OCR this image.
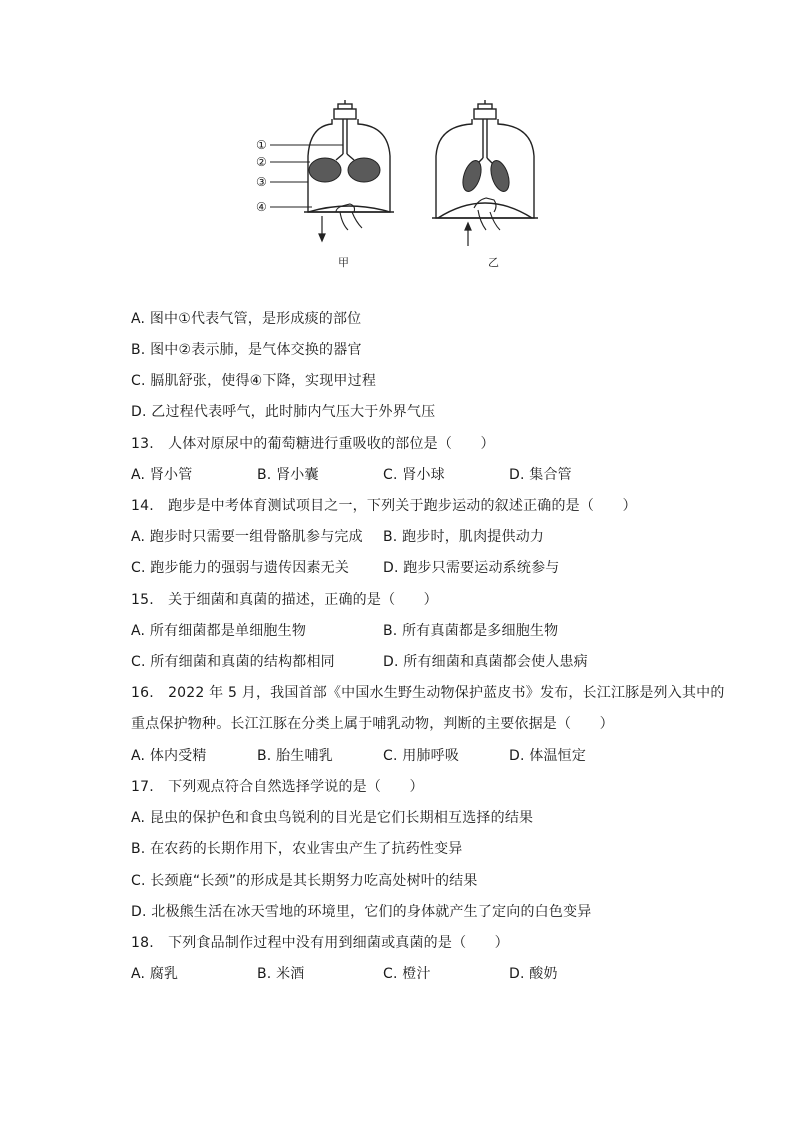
①
②
③
④
甲	乙
A. 图中①代表气管，是形成痰的部位
B. 图中②表示肺，是气体交换的器官
C. 膈肌舒张，使得④下降，实现甲过程
D. 乙过程代表呼气，此时肺内气压大于外界气压
13.　人体对原尿中的葡萄糖进行重吸收的部位是（　　）
A. 肾小管	B. 肾小囊	C. 肾小球	D. 集合管
14.　跑步是中考体育测试项目之一，下列关于跑步运动的叙述正确的是（　　）
A. 跑步时只需要一组骨骼肌参与完成 B. 跑步时，肌肉提供动力
C. 跑步能力的强弱与遗传因素无关 D. 跑步只需要运动系统参与
15.　关于细菌和真菌的描述，正确的是（　　）
A. 所有细菌都是单细胞生物	B. 所有真菌都是多细胞生物
C. 所有细菌和真菌的结构都相同	D. 所有细菌和真菌都会使人患病
16.　2022 年 5 月，我国首部《中国水生野生动物保护蓝皮书》发布，长江江豚是列入其中的
重点保护物种。长江江豚在分类上属于哺乳动物，判断的主要依据是（　　）
A. 体内受精	B. 胎生哺乳	C. 用肺呼吸	D. 体温恒定
17.　下列观点符合自然选择学说的是（　　）
A. 昆虫的保护色和食虫鸟锐利的目光是它们长期相互选择的结果
B. 在农药的长期作用下，农业害虫产生了抗药性变异
C. 长颈鹿“长颈”的形成是其长期努力吃高处树叶的结果
D. 北极熊生活在冰天雪地的环境里，它们的身体就产生了定向的白色变异
18.　下列食品制作过程中没有用到细菌或真菌的是（　　）
A. 腐乳	B. 米酒	C. 橙汁	D. 酸奶
